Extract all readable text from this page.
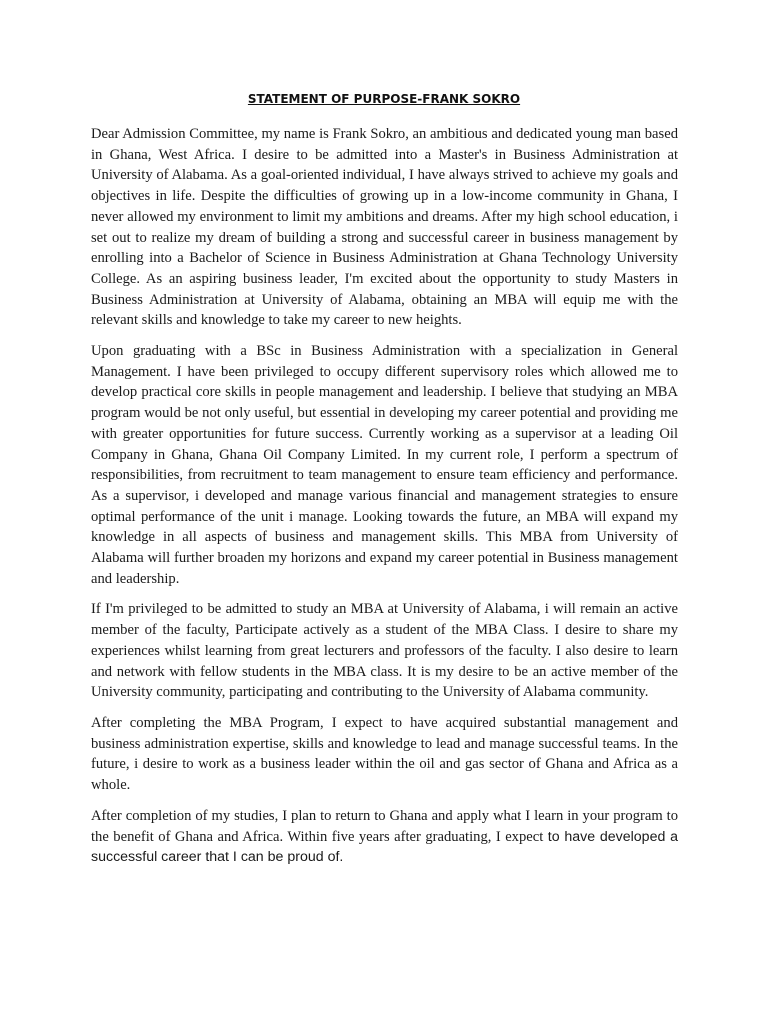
STATEMENT OF PURPOSE-FRANK SOKRO

Dear Admission Committee, my name is Frank Sokro, an ambitious and dedicated young man based in Ghana, West Africa. I desire to be admitted into a Master's in Business Administration at University of Alabama. As a goal-oriented individual, I have always strived to achieve my goals and objectives in life. Despite the difficulties of growing up in a low-income community in Ghana, I never allowed my environment to limit my ambitions and dreams. After my high school education, i set out to realize my dream of building a strong and successful career in business management by enrolling into a Bachelor of Science in Business Administration at Ghana Technology University College. As an aspiring business leader, I'm excited about the opportunity to study Masters in Business Administration at University of Alabama, obtaining an MBA will equip me with the relevant skills and knowledge to take my career to new heights.

Upon graduating with a BSc in Business Administration with a specialization in General Management. I have been privileged to occupy different supervisory roles which allowed me to develop practical core skills in people management and leadership. I believe that studying an MBA program would be not only useful, but essential in developing my career potential and providing me with greater opportunities for future success. Currently working as a supervisor at a leading Oil Company in Ghana, Ghana Oil Company Limited. In my current role, I perform a spectrum of responsibilities, from recruitment to team management to ensure team efficiency and performance. As a supervisor, i developed and manage various financial and management strategies to ensure optimal performance of the unit i manage. Looking towards the future, an MBA will expand my knowledge in all aspects of business and management skills. This MBA from University of Alabama will further broaden my horizons and expand my career potential in Business management and leadership.

If I'm privileged to be admitted to study an MBA at University of Alabama, i will remain an active member of the faculty, Participate actively as a student of the MBA Class. I desire to share my experiences whilst learning from great lecturers and professors of the faculty. I also desire to learn and network with fellow students in the MBA class. It is my desire to be an active member of the University community, participating and contributing to the University of Alabama community.

After completing the MBA Program, I expect to have acquired substantial management and business administration expertise, skills and knowledge to lead and manage successful teams. In the future, i desire to work as a business leader within the oil and gas sector of Ghana and Africa as a whole.

After completion of my studies, I plan to return to Ghana and apply what I learn in your program to the benefit of Ghana and Africa. Within five years after graduating, I expect to have developed a successful career that I can be proud of.
